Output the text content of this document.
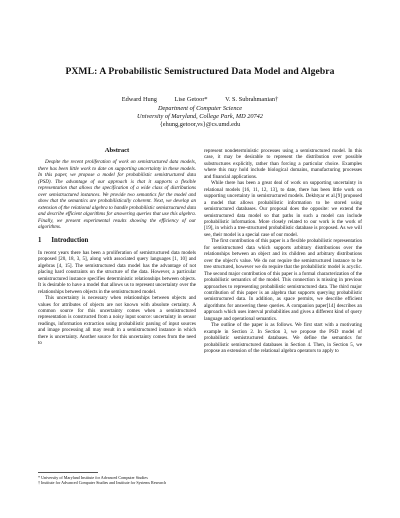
PXML: A Probabilistic Semistructured Data Model and Algebra
Edward Hung	Lise Getoor*	V. S. Subrahmanian†
Department of Computer Science
University of Maryland, College Park, MD 20742
{ehung,getoor,vs}@cs.umd.edu
Abstract

Despite the recent proliferation of work on semistructured data models, there has been little work to date on supporting uncertainty in these models. In this paper, we propose a model for probabilistic semistructured data (PSD). The advantage of our approach is that it supports a flexible representation that allows the specification of a wide class of distributions over semistructured instances. We provide two semantics for the model and show that the semantics are probabilistically coherent. Next, we develop an extension of the relational algebra to handle probabilistic semistructured data and describe efficient algorithms for answering queries that use this algebra. Finally, we present experimental results showing the efficiency of our algorithms.

1 Introduction

In recent years there has been a proliferation of semistructured data models proposed [20, 18, 3, 5], along with associated query languages [1, 10] and algebras [4, 15]. The semistructured data model has the advantage of not placing hard constraints on the structure of the data. However, a particular semistructured instance specifies deterministic relationships between objects. It is desirable to have a model that allows us to represent uncertainty over the relationships between objects in the semistructured model.

This uncertainty is necessary when relationships between objects and values for attributes of objects are not known with absolute certainty. A common source for this uncertainty comes when a semistructured representation is constructed from a noisy input source: uncertainty in sensor readings, information extraction using probabilistic parsing of input sources and image processing all may result in a semistructured instance in which there is uncertainty. Another source for this uncertainty comes from the need to

represent nondeterministic processes using a semistructured model. In this case, it may be desirable to represent the distribution over possible substructures explicitly, rather than forcing a particular choice. Examples where this may hold include biological domains, manufacturing processes and financial applications.

While there has been a great deal of work on supporting uncertainty in relational models [16, 11, 12, 13], to date, there has been little work on supporting uncertainty in semistructured models. Dekhtyar et al.[9] proposed a model that allows probabilistic information to be stored using semistructured databases. Our proposal does the opposite: we extend the semistructured data model so that paths in such a model can include probabilistic information. More closely related to our work is the work of [19], in which a tree-structured probabilistic database is proposed. As we will see, their model is a special case of our model.

The first contribution of this paper is a flexible probabilistic representation for semistructured data which supports arbitrary distributions over the relationships between an object and its children and arbitrary distributions over the object's value. We do not require the semistructured instance to be tree structured, however we do require that the probabilistic model is acyclic. The second major contribution of this paper is a formal characterization of the probabilistic semantics of the model. This connection is missing in previous approaches to representing probabilistic semistructured data. The third major contribution of this paper is an algebra that supports querying probabilistic semistructured data. In addition, as space permits, we describe efficient algorithms for answering these queries. A companion paper[14] describes an approach which uses interval probabilities and gives a different kind of query language and operational semantics.

The outline of the paper is as follows. We first start with a motivating example in Section 2. In Section 3, we propose the PSD model of probabilistic semistructured databases. We define the semantics for probabilistic semistructured databases in Section 4. Then, in Section 5, we propose an extension of the relational algebra operators to apply to

* University of Maryland Institute for Advanced Computer Studies
† Institute for Advanced Computer Studies and Institute for Systems Research
